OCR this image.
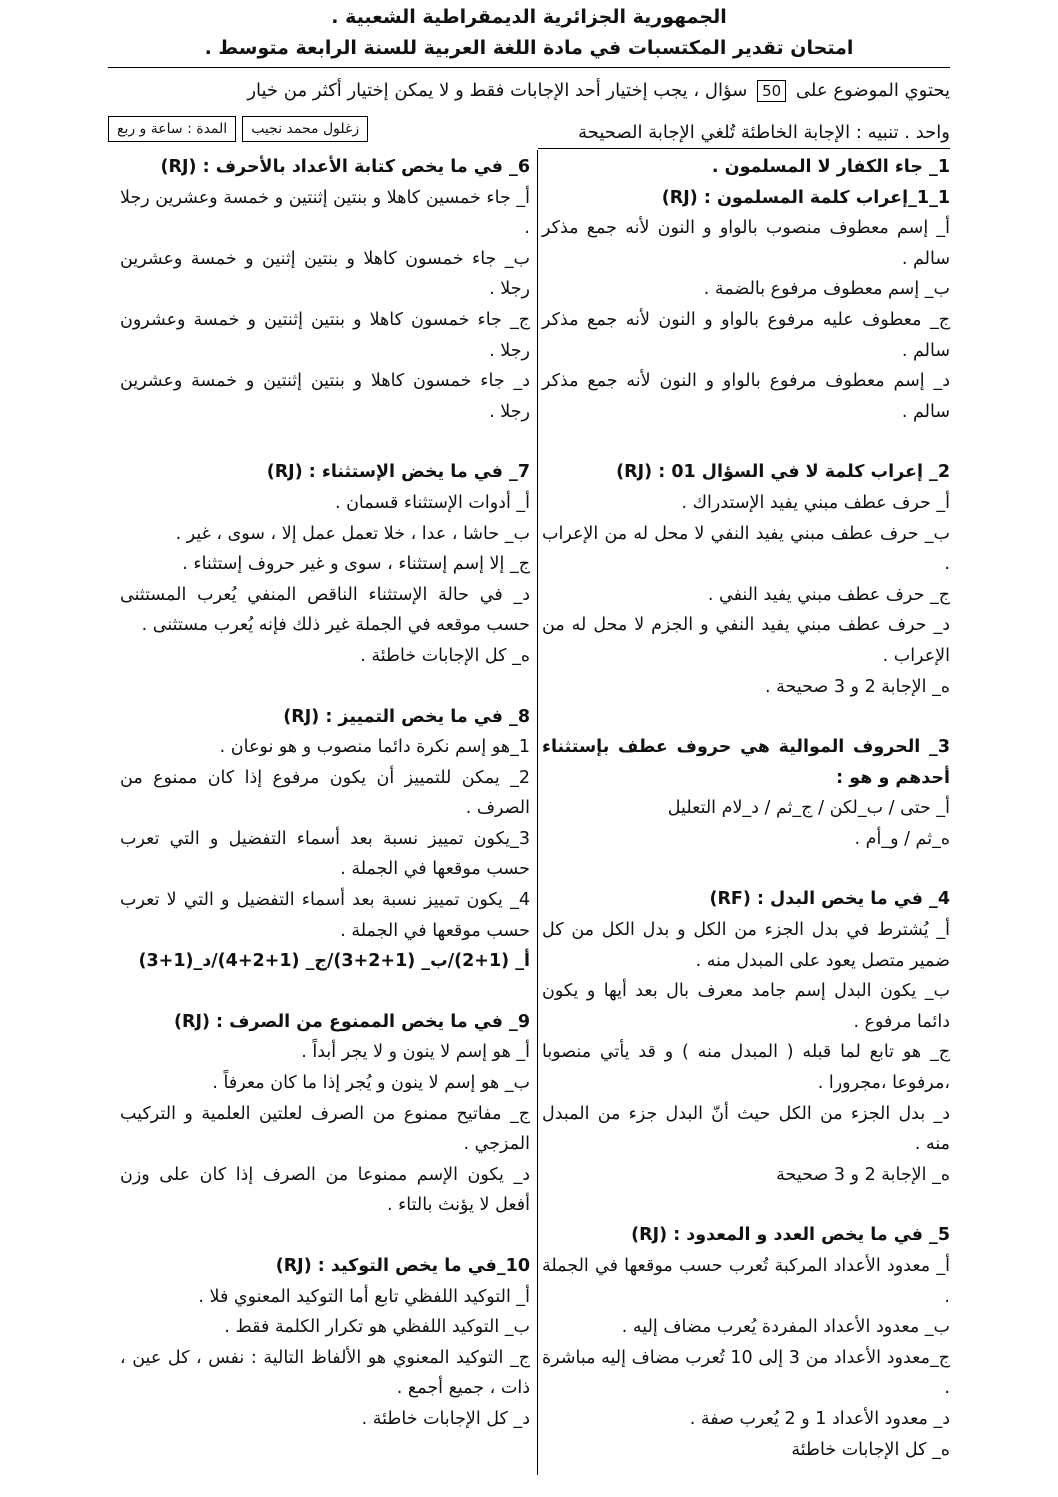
الجمهورية الجزائرية الديمقراطية الشعبية .
امتحان تقدير المكتسبات في مادة اللغة العربية للسنة الرابعة متوسط .
يحتوي الموضوع على 50 سؤال ، يجب إختيار أحد الإجابات فقط و لا يمكن إختيار أكثر من خيار
واحد . تنبيه : الإجابة الخاطئة تُلغي الإجابة الصحيحة
المدة : ساعة و ربع	زغلول محمد نجيب

1_ جاء الكفار لا المسلمون .

1_1_إعراب كلمة المسلمون : (RJ)

أ_ إسم معطوف منصوب بالواو و النون لأنه جمع مذكر سالم .

ب_ إسم معطوف مرفوع بالضمة .

ج_ معطوف عليه مرفوع بالواو و النون لأنه جمع مذكر سالم .

د_ إسم معطوف مرفوع بالواو و النون لأنه جمع مذكر سالم .

2_ إعراب كلمة لا في السؤال 01 : (RJ)

أ_ حرف عطف مبني يفيد الإستدراك .

ب_ حرف عطف مبني يفيد النفي لا محل له من الإعراب .

ج_ حرف عطف مبني يفيد النفي .

د_ حرف عطف مبني يفيد النفي و الجزم لا محل له من الإعراب .

ه_ الإجابة 2 و 3 صحيحة .

3_ الحروف الموالية هي حروف عطف بإستثناء أحدهم و هو :

أ_ حتى / ب_لكن / ج_ثم / د_لام التعليل

ه_ثم / و_أم .

4_ في ما يخص البدل : (RF)

أ_ يُشترط في بدل الجزء من الكل و بدل الكل من كل ضمير متصل يعود على المبدل منه .

ب_ يكون البدل إسم جامد معرف بال بعد أيها و يكون دائما مرفوع .

ج_ هو تابع لما قبله ( المبدل منه ) و قد يأتي منصوبا ،مرفوعا ،مجرورا .

د_ بدل الجزء من الكل حيث أنّ البدل جزء من المبدل منه .

ه_ الإجابة 2 و 3 صحيحة

5_ في ما يخص العدد و المعدود : (RJ)

أ_ معدود الأعداد المركبة تُعرب حسب موقعها في الجملة .

ب_ معدود الأعداد المفردة يُعرب مضاف إليه .

ج_معدود الأعداد من 3 إلى 10 تُعرب مضاف إليه مباشرة .

د_ معدود الأعداد 1 و 2 يُعرب صفة .

ه_ كل الإجابات خاطئة

6_ في ما يخص كتابة الأعداد بالأحرف : (RJ)

أ_ جاء خمسين كاهلا و بنتين إثنتين و خمسة وعشرين رجلا .

ب_ جاء خمسون كاهلا و بنتين إثنين و خمسة وعشرين رجلا .

ج_ جاء خمسون كاهلا و بنتين إثنتين و خمسة وعشرون رجلا .

د_ جاء خمسون كاهلا و بنتين إثنتين و خمسة وعشرين رجلا .

7_ في ما يخض الإستثناء : (RJ)

أ_ أدوات الإستثناء قسمان .

ب_ حاشا ، عدا ، خلا تعمل عمل إلا ، سوى ، غير .

ج_ إلا إسم إستثناء ، سوى و غير حروف إستثناء .

د_ في حالة الإستثناء الناقص المنفي يُعرب المستثنى حسب موقعه في الجملة غير ذلك فإنه يُعرب مستثنى .

ه_ كل الإجابات خاطئة .

8_ في ما يخص التمييز : (RJ)

1_هو إسم نكرة دائما منصوب و هو نوعان .

2_ يمكن للتمييز أن يكون مرفوع إذا كان ممنوع من الصرف .

3_يكون تمييز نسبة بعد أسماء التفضيل و التي تعرب حسب موقعها في الجملة .

4_ يكون تمييز نسبة بعد أسماء التفضيل و التي لا تعرب حسب موقعها في الجملة .

أ_ (1+2)/ب_ (1+2+3)/ج_ (1+2+4)/د_(1+3)

9_ في ما يخص الممنوع من الصرف : (RJ)

أ_ هو إسم لا ينون و لا يجر أبداً .

ب_ هو إسم لا ينون و يُجر إذا ما كان معرفاً .

ج_ مفاتيح ممنوع من الصرف لعلتين العلمية و التركيب المزجي .

د_ يكون الإسم ممنوعا من الصرف إذا كان على وزن أفعل لا يؤنث بالتاء .

10_في ما يخص التوكيد : (RJ)

أ_ التوكيد اللفظي تابع أما التوكيد المعنوي فلا .

ب_ التوكيد اللفظي هو تكرار الكلمة فقط .

ج_ التوكيد المعنوي هو الألفاظ التالية : نفس ، كل عين ، ذات ، جميع أجمع .

د_ كل الإجابات خاطئة .
